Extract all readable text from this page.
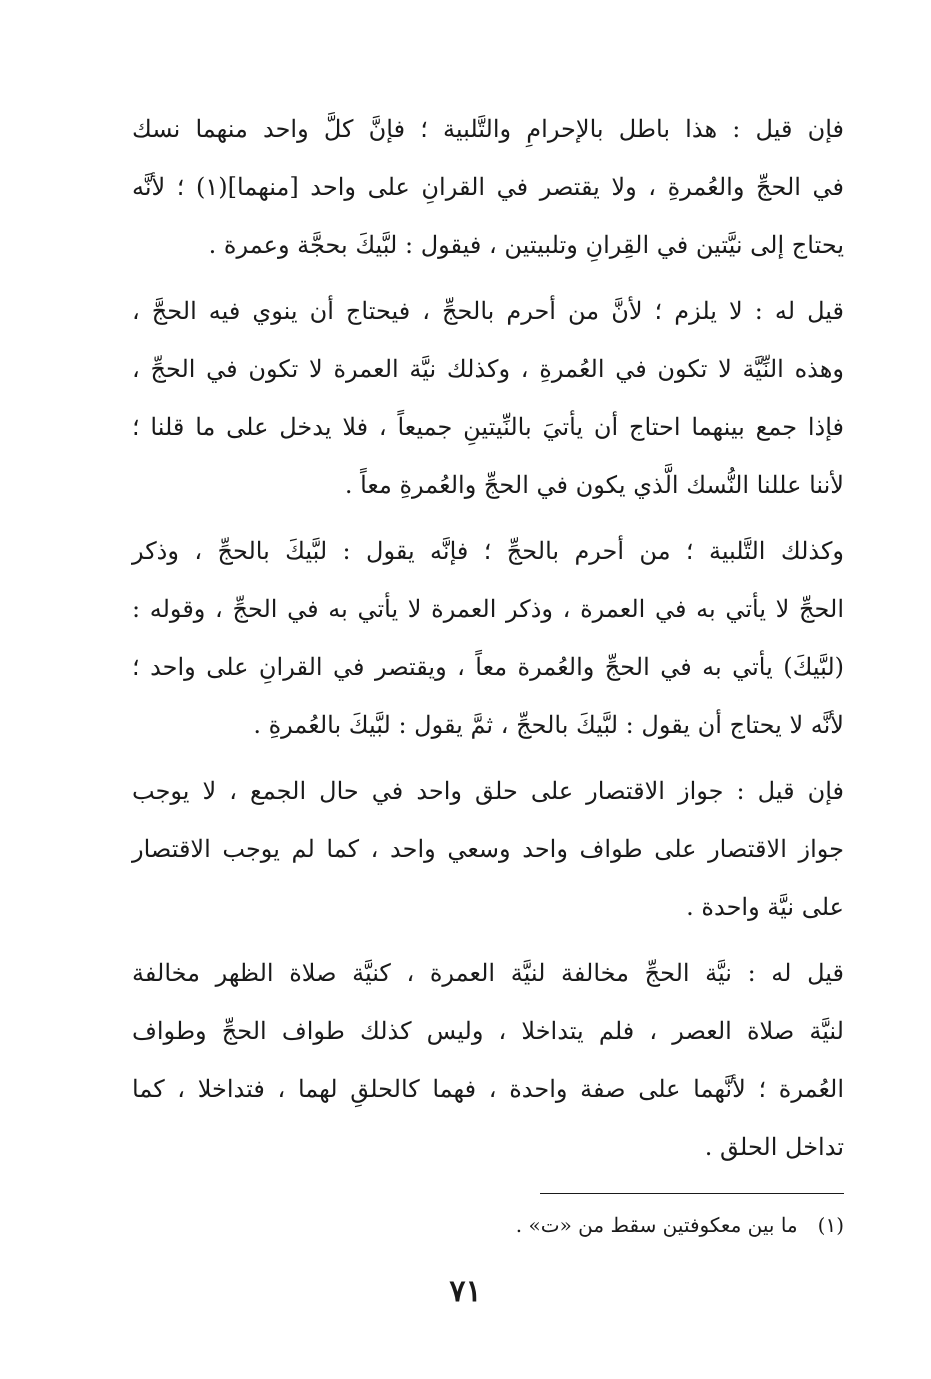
فإن قيل : هذا باطل بالإحرامِ والتَّلبية ؛ فإنَّ كلَّ واحد منهما نسك
في الحجِّ والعُمرةِ ، ولا يقتصر في القرانِ على واحد [منهما](١) ؛ لأنَّه
يحتاج إلى نيَّتين في القِرانِ وتلبيتين ، فيقول : لبَّيكَ بحجَّة وعمرة .

قيل له : لا يلزم ؛ لأنَّ من أحرم بالحجِّ ، فيحتاج أن ينوي فيه الحجَّ ،
وهذه النِّيَّة لا تكون في العُمرةِ ، وكذلك نيَّة العمرة لا تكون في الحجِّ ،
فإذا جمع بينهما احتاج أن يأتيَ بالنِّيتينِ جميعاً ، فلا يدخل على ما قلنا ؛
لأننا عللنا النُّسك الَّذي يكون في الحجِّ والعُمرةِ معاً .

وكذلك التَّلبية ؛ من أحرم بالحجِّ ؛ فإنَّه يقول : لبَّيكَ بالحجِّ ، وذكر
الحجِّ لا يأتي به في العمرة ، وذكر العمرة لا يأتي به في الحجِّ ، وقوله :
(لبَّيكَ) يأتي به في الحجِّ والعُمرة معاً ، ويقتصر في القرانِ على واحد ؛
لأنَّه لا يحتاج أن يقول : لبَّيكَ بالحجِّ ، ثمَّ يقول : لبَّيكَ بالعُمرةِ .

فإن قيل : جواز الاقتصار على حلق واحد في حال الجمع ، لا يوجب
جواز الاقتصار على طواف واحد وسعي واحد ، كما لم يوجب الاقتصار
على نيَّة واحدة .

قيل له : نيَّة الحجِّ مخالفة لنيَّة العمرة ، كنيَّة صلاة الظهر مخالفة
لنيَّة صلاة العصر ، فلم يتداخلا ، وليس كذلك طواف الحجِّ وطواف
العُمرة ؛ لأنَّهما على صفة واحدة ، فهما كالحلقِ لهما ، فتداخلا ، كما
تداخل الحلق .

(١)ما بين معكوفتين سقط من «ت» .
٧١
